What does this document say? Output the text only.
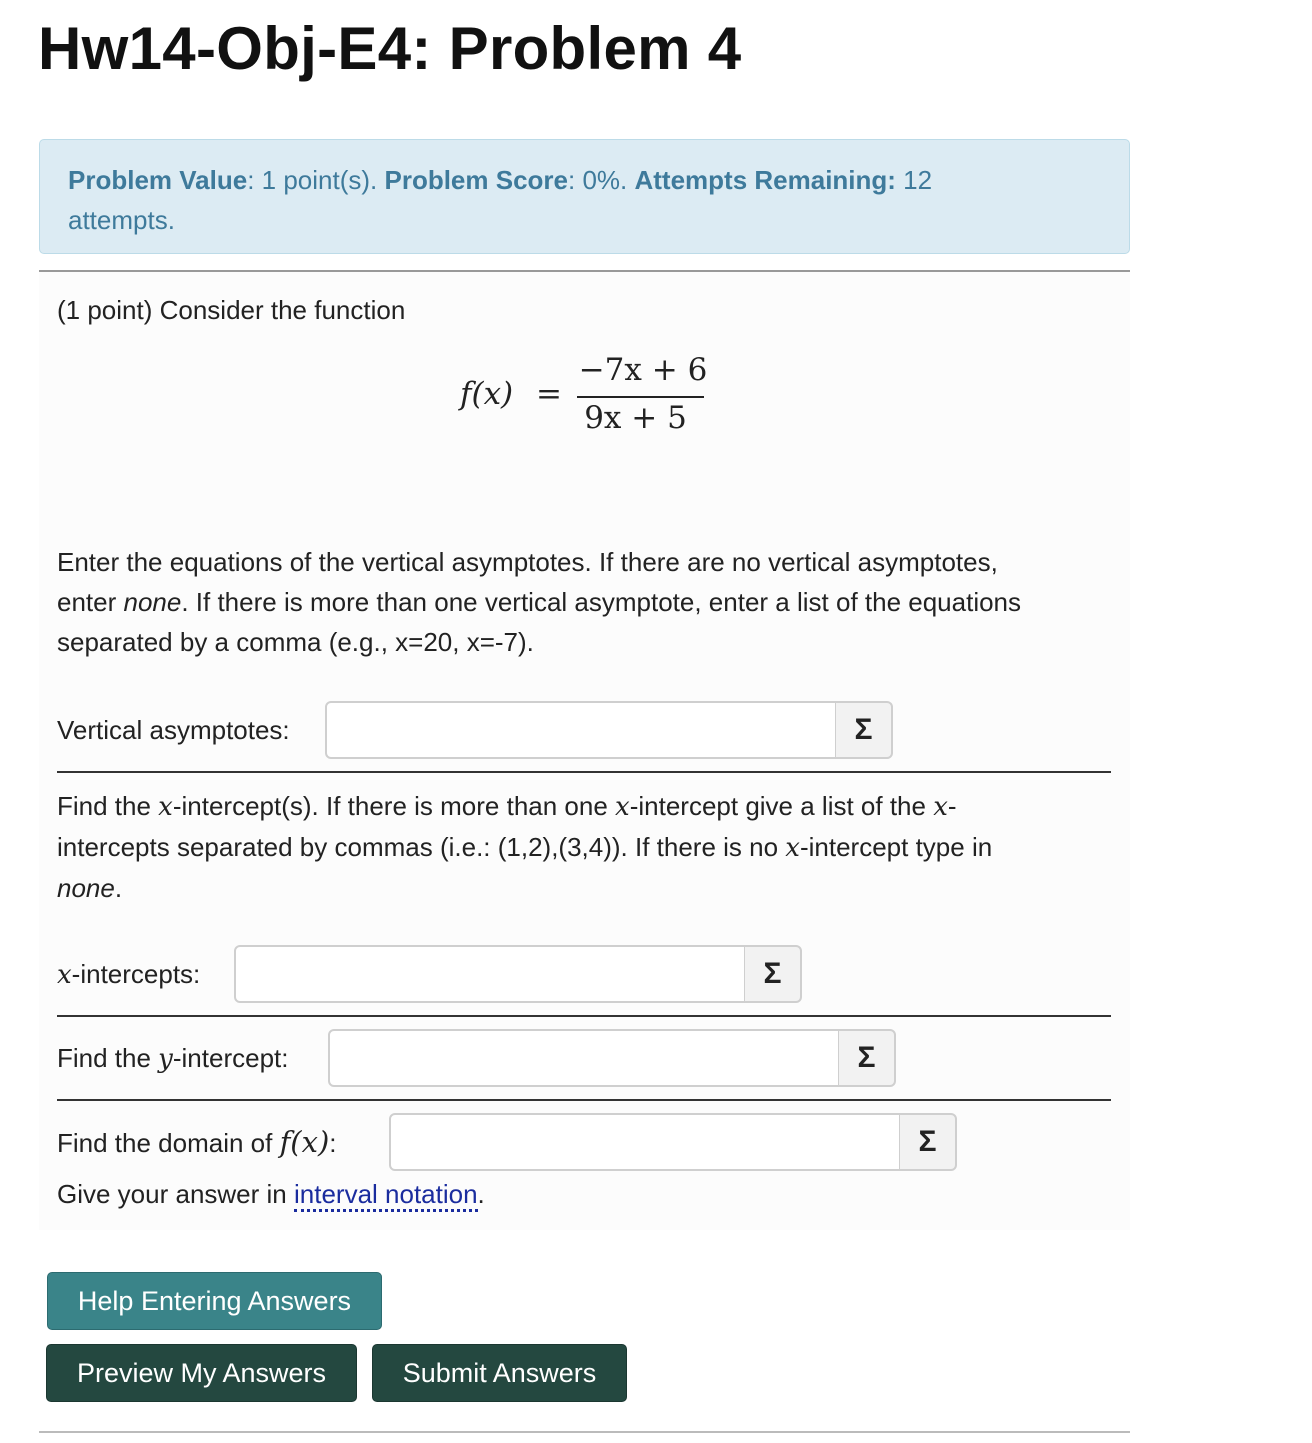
Hw14-Obj-E4: Problem 4
Problem Value: 1 point(s). Problem Score: 0%. Attempts Remaining: 12
attempts.
(1 point) Consider the function
f(x) =
−7x + 6
9x + 5
Enter the equations of the vertical asymptotes. If there are no vertical asymptotes,
enter none. If there is more than one vertical asymptote, enter a list of the equations
separated by a comma (e.g., x=20, x=-7).
Vertical asymptotes:	Σ
Find the x-intercept(s). If there is more than one x-intercept give a list of the x-
intercepts separated by commas (i.e.: (1,2),(3,4)). If there is no x-intercept type in
none.
x-intercepts:	Σ
Find the y-intercept:	Σ
Find the domain of f(x):	Σ
Give your answer in interval notation.
Help Entering Answers
Preview My Answers	Submit Answers
